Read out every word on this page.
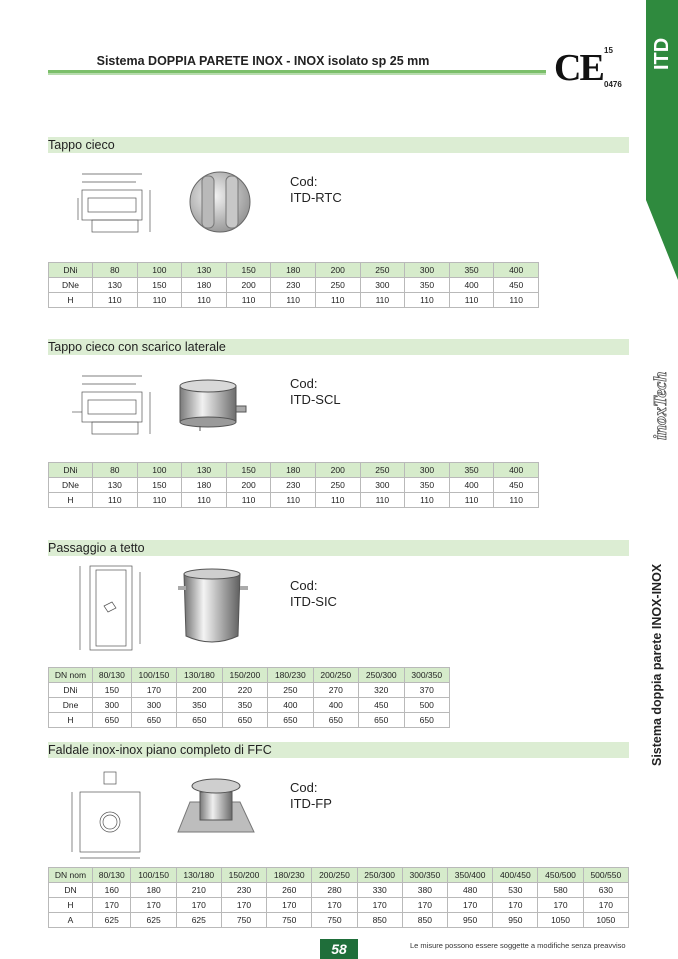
Sistema DOPPIA PARETE INOX - INOX isolato sp 25 mm	CE 15
0476
ITD
inoxTech
Sistema doppia parete INOX-INOX
Tappo cieco
Cod:
ITD-RTC
DNi	80	100	130	150	180	200	250	300	350	400
DNe	130	150	180	200	230	250	300	350	400	450
H	110	110	110	110	110	110	110	110	110	110
Tappo cieco con scarico laterale
Cod:
ITD-SCL
DNi	80	100	130	150	180	200	250	300	350	400
DNe	130	150	180	200	230	250	300	350	400	450
H	110	110	110	110	110	110	110	110	110	110
Passaggio a tetto
Cod:
ITD-SIC
DN nom	80/130	100/150	130/180	150/200	180/230	200/250	250/300	300/350
DNi	150	170	200	220	250	270	320	370
Dne	300	300	350	350	400	400	450	500
H	650	650	650	650	650	650	650	650
Faldale inox-inox piano completo di FFC
Cod:
ITD-FP
DN nom	80/130	100/150	130/180	150/200	180/230	200/250	250/300	300/350	350/400	400/450	450/500	500/550
DN	160	180	210	230	260	280	330	380	480	530	580	630
H	170	170	170	170	170	170	170	170	170	170	170	170
A	625	625	625	750	750	750	850	850	950	950	1050	1050
58	Le misure possono essere soggette a modifiche senza preavviso
